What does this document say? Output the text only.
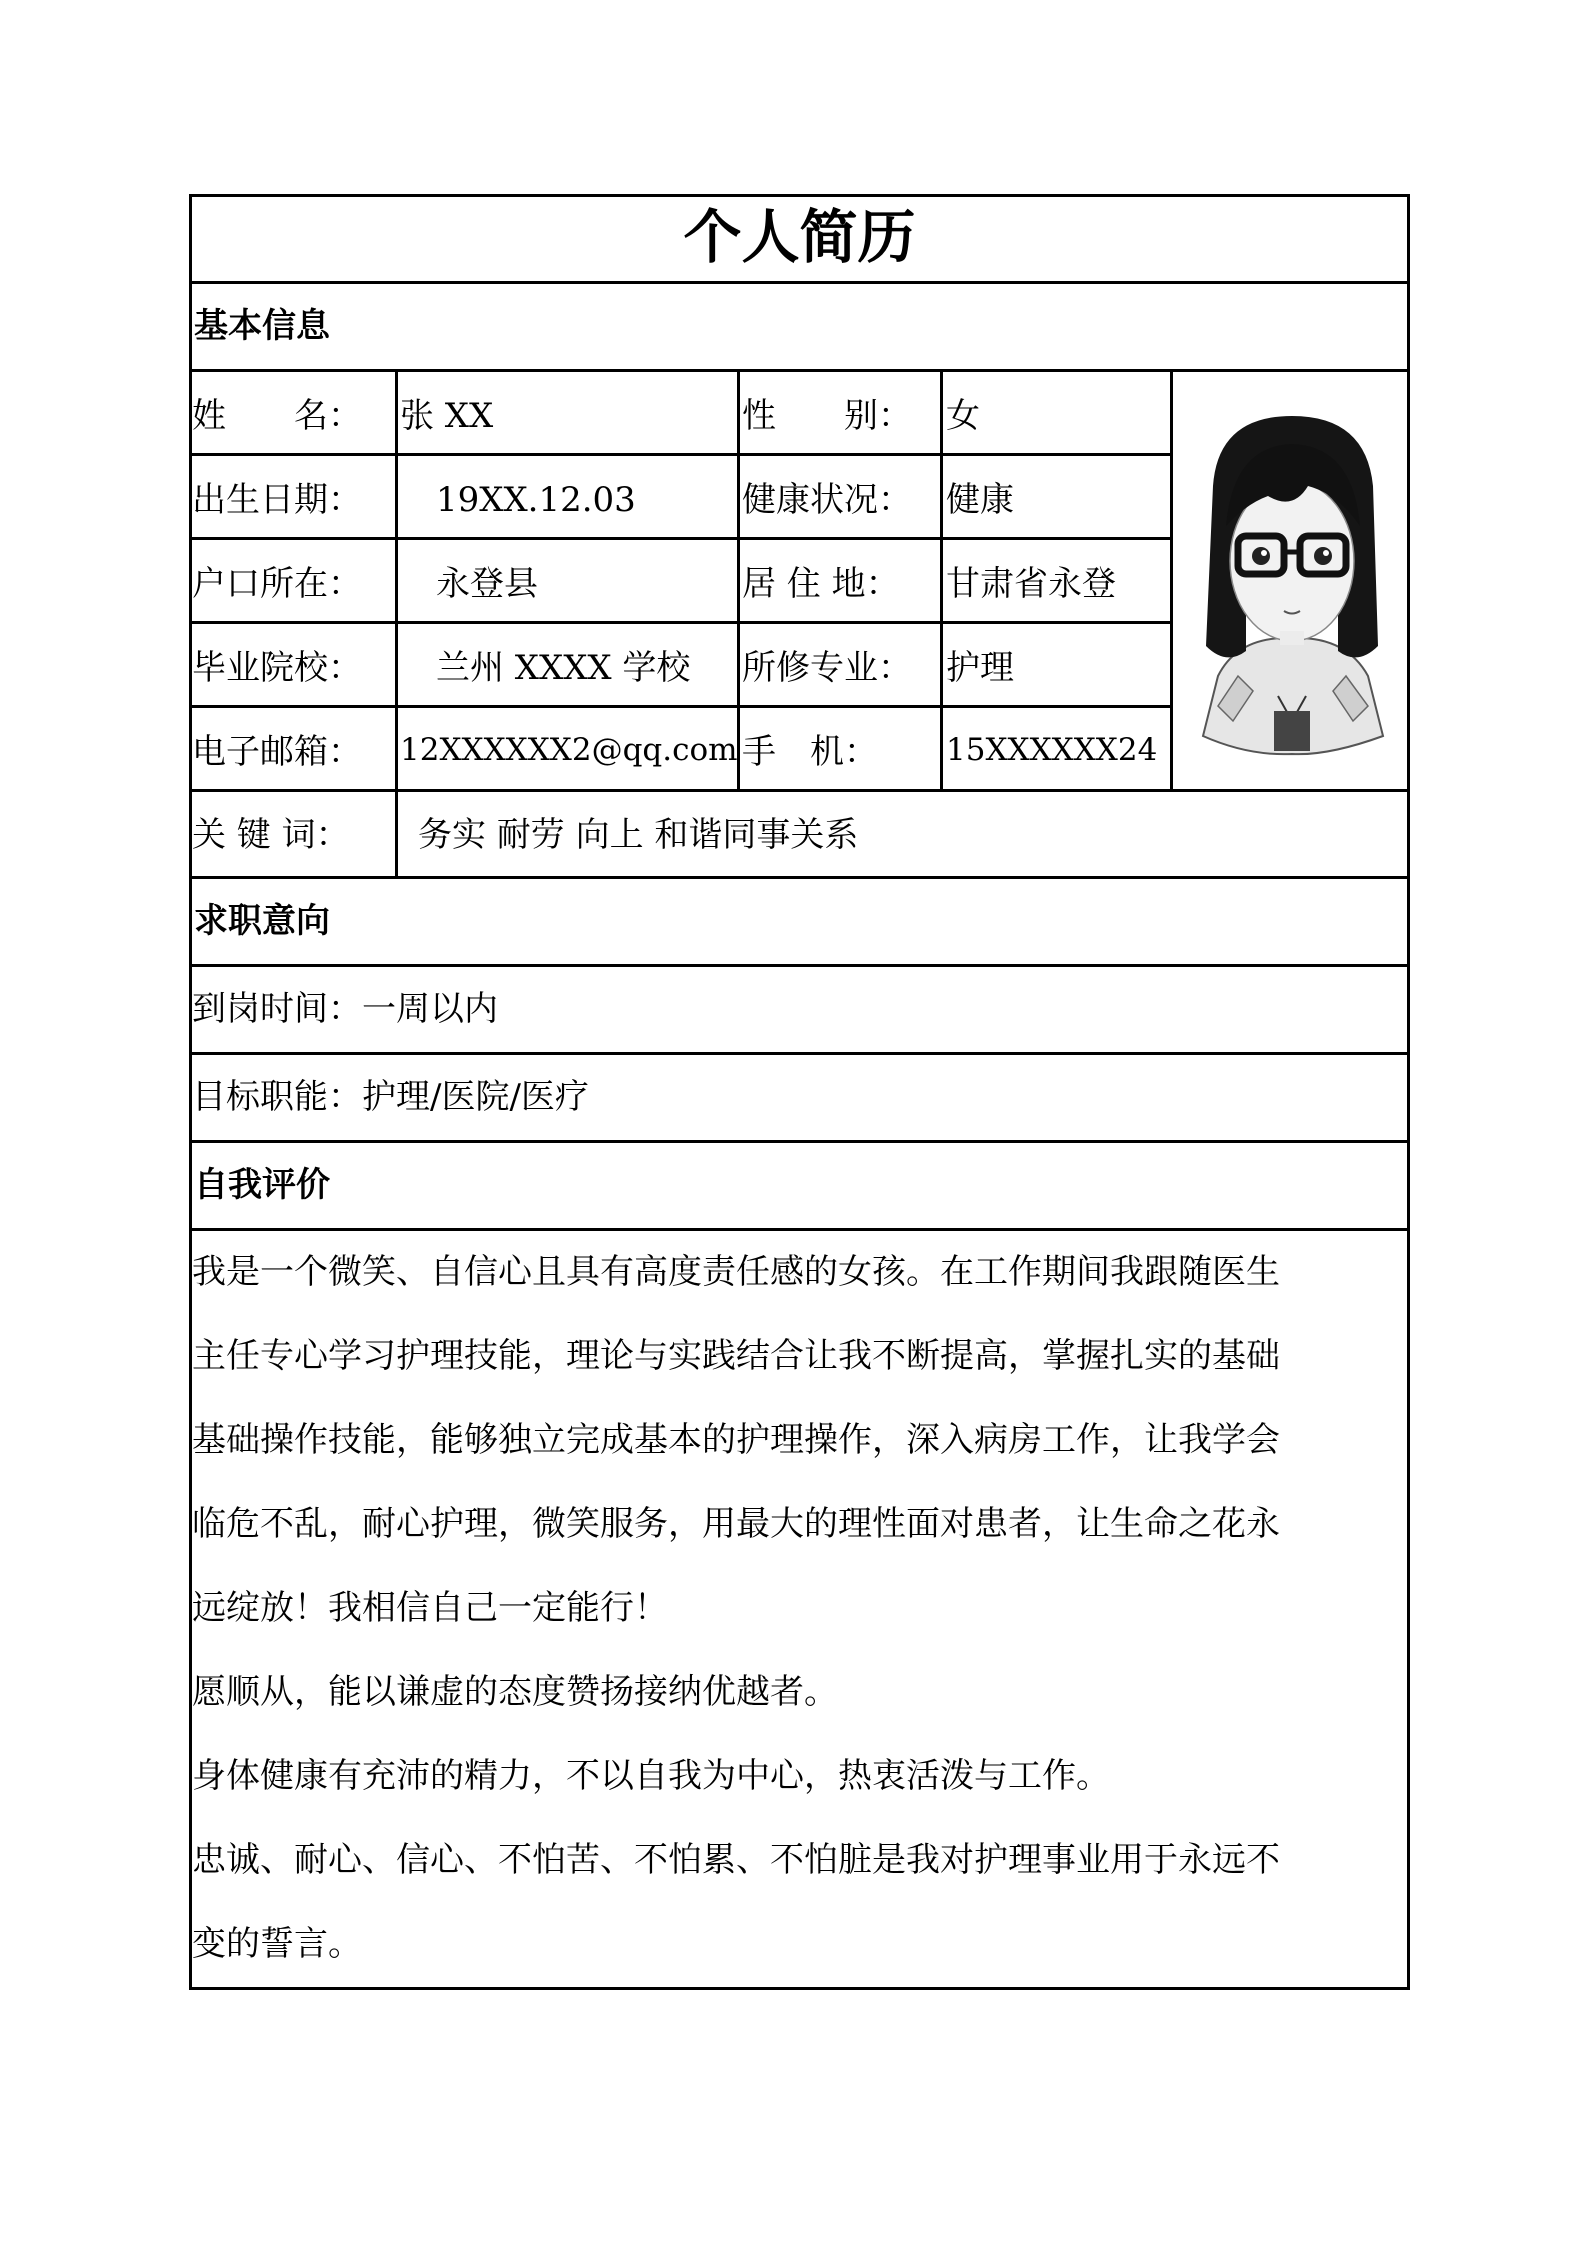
个人简历
基本信息
姓　　名： 张 XX	性　　别： 女
出生日期： 19XX.12.03	健康状况： 健康
户口所在： 永登县	居 住 地： 甘肃省永登
毕业院校： 兰州 XXXX 学校 所修专业： 护理
电子邮箱： 12XXXXXX2@qq.com 手　机： 15XXXXXX24
关 键 词： 务实 耐劳 向上 和谐同事关系
求职意向
到岗时间：一周以内
目标职能：护理/医院/医疗
自我评价
我是一个微笑、自信心且具有高度责任感的女孩。在工作期间我跟随医生
主任专心学习护理技能，理论与实践结合让我不断提高，掌握扎实的基础
基础操作技能，能够独立完成基本的护理操作，深入病房工作，让我学会
临危不乱，耐心护理，微笑服务，用最大的理性面对患者，让生命之花永
远绽放！我相信自己一定能行！
愿顺从，能以谦虚的态度赞扬接纳优越者。
身体健康有充沛的精力，不以自我为中心，热衷活泼与工作。
忠诚、耐心、信心、不怕苦、不怕累、不怕脏是我对护理事业用于永远不
变的誓言。
